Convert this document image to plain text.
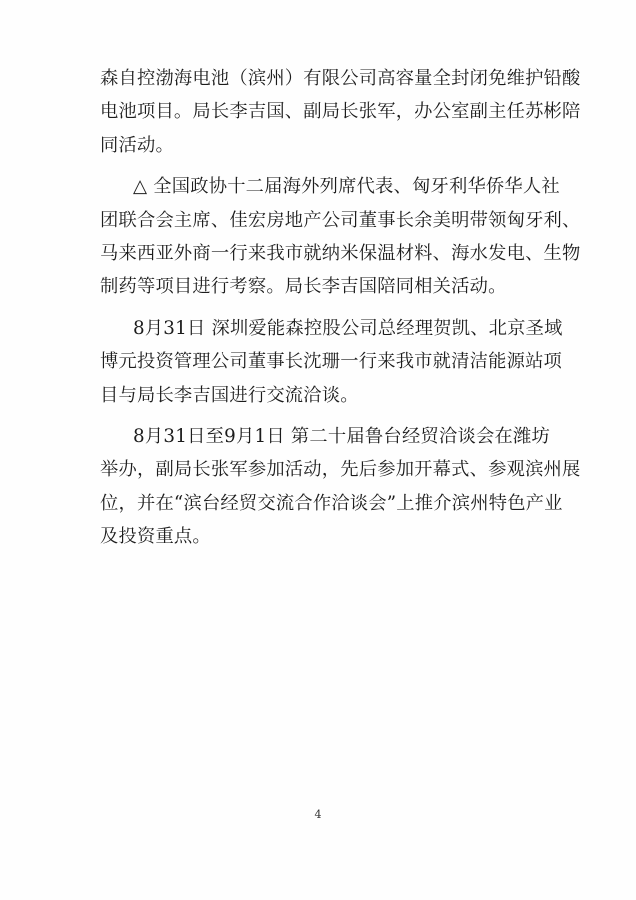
森自控渤海电池（滨州）有限公司高容量全封闭免维护铅酸
电池项目。局长李吉国、副局长张军，办公室副主任苏彬陪
同活动。
△ 全国政协十二届海外列席代表、匈牙利华侨华人社
团联合会主席、佳宏房地产公司董事长余美明带领匈牙利、
马来西亚外商一行来我市就纳米保温材料、海水发电、生物
制药等项目进行考察。局长李吉国陪同相关活动。
8月31日 深圳爱能森控股公司总经理贺凯、北京圣域
博元投资管理公司董事长沈珊一行来我市就清洁能源站项
目与局长李吉国进行交流洽谈。
8月31日至9月1日 第二十届鲁台经贸洽谈会在潍坊
举办，副局长张军参加活动，先后参加开幕式、参观滨州展
位，并在“滨台经贸交流合作洽谈会”上推介滨州特色产业
及投资重点。
4
